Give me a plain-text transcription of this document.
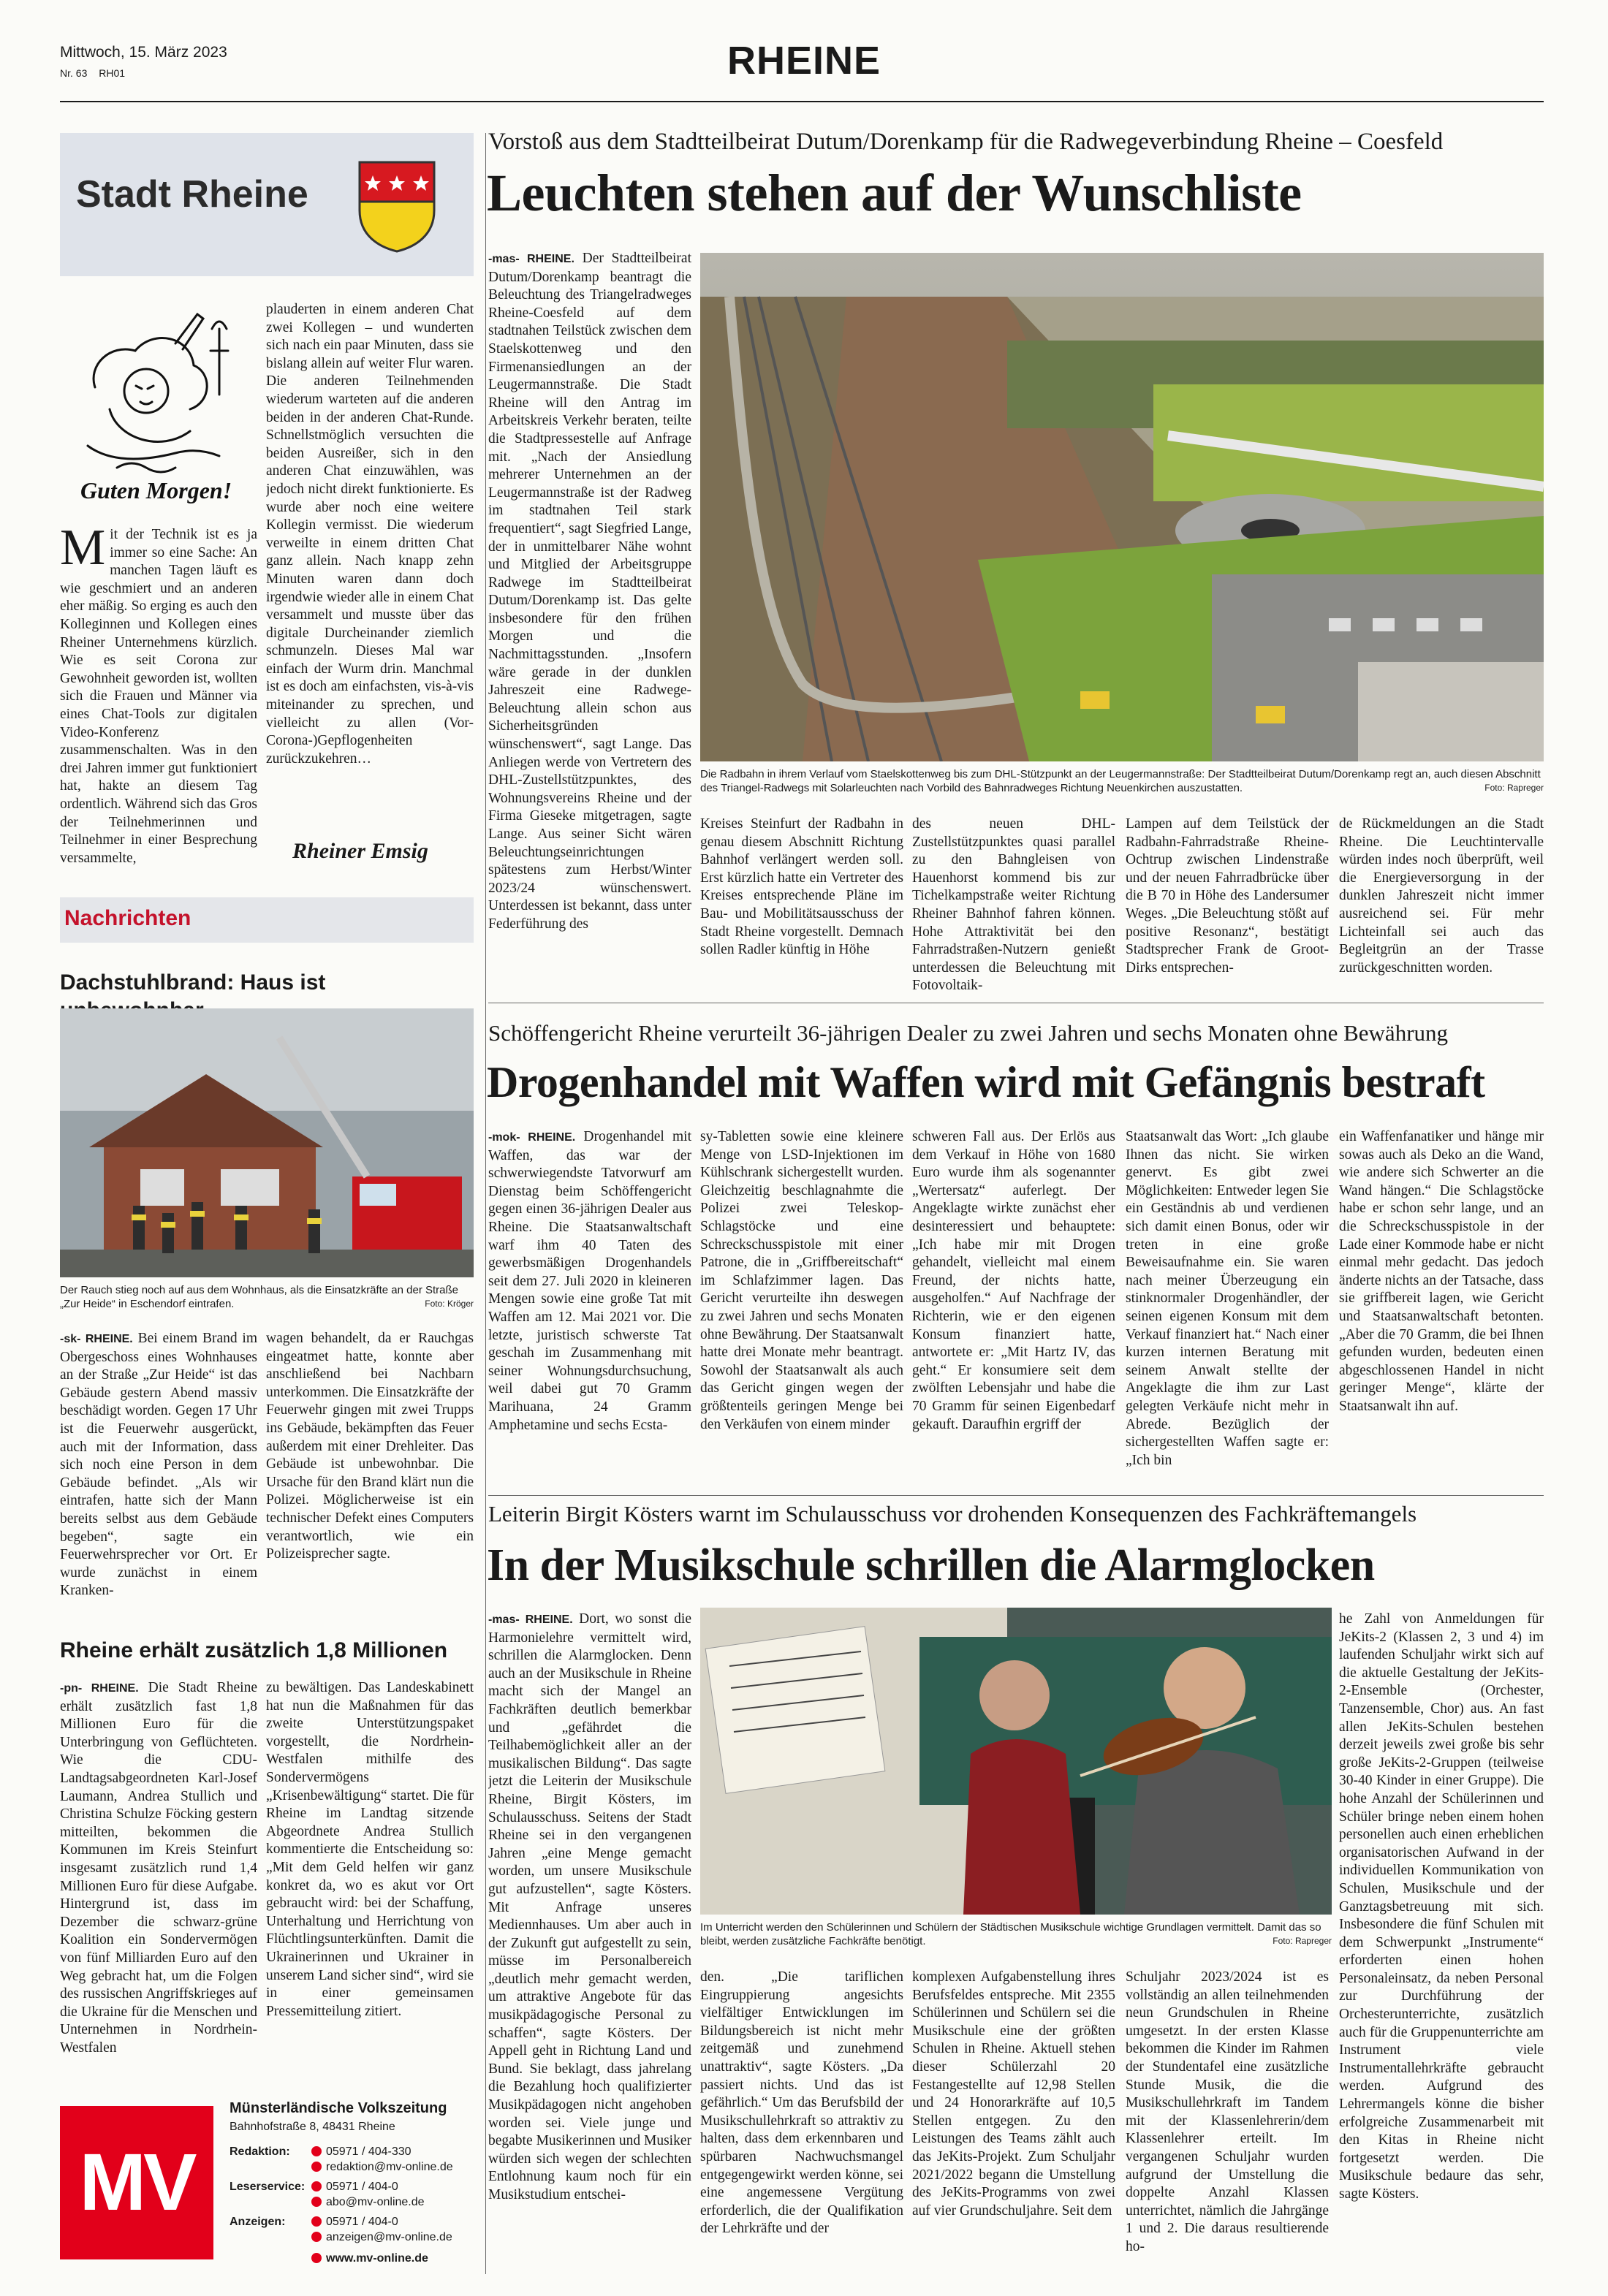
Mittwoch, 15. März 2023
Nr. 63 RH01	RHEINE
Stadt Rheine
Guten Morgen!
Mit der Technik ist es ja immer so eine Sache: An manchen Tagen läuft es wie geschmiert und an anderen eher mäßig. So erging es auch den Kolleginnen und Kollegen eines Rheiner Unternehmens kürzlich. Wie es seit Corona zur Gewohnheit geworden ist, wollten sich die Frauen und Männer via eines Chat-Tools zur digitalen Video-Konferenz zusammenschalten. Was in den drei Jahren immer gut funktioniert hat, hakte an diesem Tag ordentlich. Während sich das Gros der Teilnehmerinnen und Teilnehmer in einer Besprechung versammelte,
plauderten in einem anderen Chat zwei Kollegen – und wunderten sich nach ein paar Minuten, dass sie bislang allein auf weiter Flur waren. Die anderen Teilnehmenden wiederum warteten auf die anderen beiden in der anderen Chat-Runde. Schnellstmöglich versuchten die beiden Ausreißer, sich in den anderen Chat einzuwählen, was jedoch nicht direkt funktionierte. Es wurde aber noch eine weitere Kollegin vermisst. Die wiederum verweilte in einem dritten Chat ganz allein. Nach knapp zehn Minuten waren dann doch irgendwie wieder alle in einem Chat versammelt und musste über das digitale Durcheinander ziemlich schmunzeln. Dieses Mal war einfach der Wurm drin. Manchmal ist es doch am einfachsten, vis-à-vis miteinander zu sprechen, und vielleicht zu allen (Vor-Corona-)Gepflogenheiten zurückzukehren…
Rheiner Emsig
Nachrichten
Dachstuhlbrand: Haus ist
Der Rauch stieg noch auf aus dem Wohnhaus, als die Einsatzkräfte an der Straße „Zur Heide“ in Eschendorf eintrafen.	Foto: Kröger
-sk- RHEINE. Bei einem Brand im Obergeschoss eines Wohnhauses an der Straße „Zur Heide“ ist das Gebäude gestern Abend massiv beschädigt worden. Gegen 17 Uhr ist die Feuerwehr ausgerückt, auch mit der Information, dass sich noch eine Person in dem Gebäude befindet. „Als wir eintrafen, hatte sich der Mann bereits selbst aus dem Gebäude begeben“, sagte ein Feuerwehrsprecher vor Ort. Er wurde zunächst in einem Kranken-
wagen behandelt, da er Rauchgas eingeatmet hatte, konnte aber anschließend bei Nachbarn unterkommen. Die Einsatzkräfte der Feuerwehr gingen mit zwei Trupps ins Gebäude, bekämpften das Feuer außerdem mit einer Drehleiter. Das Gebäude ist unbewohnbar. Die Ursache für den Brand klärt nun die Polizei. Möglicherweise ist ein technischer Defekt eines Computers verantwortlich, wie ein Polizeisprecher sagte.
Rheine erhält zusätzlich 1,8 Millionen
-pn- RHEINE. Die Stadt Rheine erhält zusätzlich fast 1,8 Millionen Euro für die Unterbringung von Geflüchteten. Wie die CDU-Landtagsabgeordneten Karl-Josef Laumann, Andrea Stullich und Christina Schulze Föcking gestern mitteilten, bekommen die Kommunen im Kreis Steinfurt insgesamt zusätzlich rund 1,4 Millionen Euro für diese Aufgabe. Hintergrund ist, dass im Dezember die schwarz-grüne Koalition ein Sondervermögen von fünf Milliarden Euro auf den Weg gebracht hat, um die Folgen des russischen Angriffskrieges auf die Ukraine für die Menschen und Unternehmen in Nordrhein-Westfalen
zu bewältigen. Das Landeskabinett hat nun die Maßnahmen für das zweite Unterstützungspaket vorgestellt, die Nordrhein-Westfalen mithilfe des Sondervermögens „Krisenbewältigung“ startet. Die für Rheine im Landtag sitzende Abgeordnete Andrea Stullich kommentierte die Entscheidung so: „Mit dem Geld helfen wir ganz konkret da, wo es akut vor Ort gebraucht wird: bei der Schaffung, Unterhaltung und Herrichtung von Flüchtlingsunterkünften. Damit die Ukrainerinnen und Ukrainer in unserem Land sicher sind“, wird sie in einer gemeinsamen Pressemitteilung zitiert.
MV
Münsterländische Volkszeitung
Bahnhofstraße 8, 48431 Rheine
Redaktion:	05971 / 404-330
redaktion@mv-online.de
Leserservice: 05971 / 404-0
abo@mv-online.de
Anzeigen:	05971 / 404-0
anzeigen@mv-online.de
www.mv-online.de
Vorstoß aus dem Stadtteilbeirat Dutum/Dorenkamp für die Radwegeverbindung Rheine – Coesfeld
Leuchten stehen auf der Wunschliste
-mas- RHEINE. Der Stadtteilbeirat Dutum/Dorenkamp beantragt die Beleuchtung des Triangelradweges Rheine-Coesfeld auf dem stadtnahen Teilstück zwischen dem Staelskottenweg und den Firmenansiedlungen an der Leugermannstraße. Die Stadt Rheine will den Antrag im Arbeitskreis Verkehr beraten, teilte die Stadtpressestelle auf Anfrage mit. „Nach der Ansiedlung mehrerer Unternehmen an der Leugermannstraße ist der Radweg im stadtnahen Teil stark frequentiert“, sagt Siegfried Lange, der in unmittelbarer Nähe wohnt und Mitglied der Arbeitsgruppe Radwege im Stadtteilbeirat Dutum/Dorenkamp ist. Das gelte insbesondere für den frühen Morgen und die Nachmittagsstunden. „Insofern wäre gerade in der dunklen Jahreszeit eine Radwege-Beleuchtung allein schon aus Sicherheitsgründen wünschenswert“, sagt Lange. Das Anliegen werde von Vertretern des DHL-Zustellstützpunktes, des Wohnungsvereins Rheine und der Firma Gieseke mitgetragen, sagte Lange. Aus seiner Sicht wären Beleuchtungseinrichtungen spätestens zum Herbst/Winter 2023/24 wünschenswert. Unterdessen ist bekannt, dass unter Federführung des
Die Radbahn in ihrem Verlauf vom Staelskottenweg bis zum DHL-Stützpunkt an der Leugermannstraße: Der Stadtteilbeirat Dutum/Dorenkamp regt an, auch diesen Abschnitt des Triangel-Radwegs mit Solarleuchten nach Vorbild des Bahnradweges Richtung Neuenkirchen auszustatten.	Foto: Rapreger
Kreises Steinfurt der Radbahn in genau diesem Abschnitt Richtung Bahnhof verlängert werden soll. Erst kürzlich hatte ein Vertreter des Kreises entsprechende Pläne im Bau- und Mobilitätsausschuss der Stadt Rheine vorgestellt. Demnach sollen Radler künftig in Höhe
des neuen DHL-Zustellstützpunktes quasi parallel zu den Bahngleisen von Hauenhorst kommend bis zur Tichelkampstraße weiter Richtung Rheiner Bahnhof fahren können. Hohe Attraktivität bei den Fahrradstraßen-Nutzern genießt unterdessen die Beleuchtung mit Fotovoltaik-
Lampen auf dem Teilstück der Radbahn-Fahrradstraße Rheine-Ochtrup zwischen Lindenstraße und der neuen Fahrradbrücke über die B 70 in Höhe des Landersumer Weges. „Die Beleuchtung stößt auf positive Resonanz“, bestätigt Stadtsprecher Frank de Groot-Dirks entsprechen-
de Rückmeldungen an die Stadt Rheine. Die Leuchtintervalle würden indes noch überprüft, weil die Energieversorgung in der dunklen Jahreszeit nicht immer ausreichend sei. Für mehr Lichteinfall sei auch das Begleitgrün an der Trasse zurückgeschnitten worden.
Schöffengericht Rheine verurteilt 36-jährigen Dealer zu zwei Jahren und sechs Monaten ohne Bewährung
Drogenhandel mit Waffen wird mit Gefängnis bestraft
-mok- RHEINE. Drogenhandel mit Waffen, das war der schwerwiegendste Tatvorwurf am Dienstag beim Schöffengericht gegen einen 36-jährigen Dealer aus Rheine. Die Staatsanwaltschaft warf ihm 40 Taten des gewerbsmäßigen Drogenhandels seit dem 27. Juli 2020 in kleineren Mengen sowie eine große Tat mit Waffen am 12. Mai 2021 vor. Die letzte, juristisch schwerste Tat geschah im Zusammenhang mit seiner Wohnungsdurchsuchung, weil dabei gut 70 Gramm Marihuana, 24 Gramm Amphetamine und sechs Ecsta-
sy-Tabletten sowie eine kleinere Menge von LSD-Injektionen im Kühlschrank sichergestellt wurden. Gleichzeitig beschlagnahmte die Polizei zwei Teleskop-Schlagstöcke und eine Schreckschusspistole mit einer Patrone, die in „Griffbereitschaft“ im Schlafzimmer lagen. Das Gericht verurteilte ihn deswegen zu zwei Jahren und sechs Monaten ohne Bewährung. Der Staatsanwalt hatte drei Monate mehr beantragt. Sowohl der Staatsanwalt als auch das Gericht gingen wegen der größtenteils geringen Menge bei den Verkäufen von einem minder
schweren Fall aus. Der Erlös aus dem Verkauf in Höhe von 1680 Euro wurde ihm als sogenannter „Wertersatz“ auferlegt. Der Angeklagte wirkte zunächst eher desinteressiert und behauptete: „Ich habe mir mit Drogen gehandelt, vielleicht mal einem Freund, der nichts hatte, ausgeholfen.“ Auf Nachfrage der Richterin, wie er den eigenen Konsum finanziert hatte, antwortete er: „Mit Hartz IV, das geht.“ Er konsumiere seit dem zwölften Lebensjahr und habe die 70 Gramm für seinen Eigenbedarf gekauft. Daraufhin ergriff der
Staatsanwalt das Wort: „Ich glaube Ihnen das nicht. Sie wirken genervt. Es gibt zwei Möglichkeiten: Entweder legen Sie ein Geständnis ab und verdienen sich damit einen Bonus, oder wir treten in eine große Beweisaufnahme ein. Sie waren nach meiner Überzeugung ein stinknormaler Drogenhändler, der seinen eigenen Konsum mit dem Verkauf finanziert hat.“ Nach einer kurzen internen Beratung mit seinem Anwalt stellte der Angeklagte die ihm zur Last gelegten Verkäufe nicht mehr in Abrede. Bezüglich der sichergestellten Waffen sagte er: „Ich bin
ein Waffenfanatiker und hänge mir sowas auch als Deko an die Wand, wie andere sich Schwerter an die Wand hängen.“ Die Schlagstöcke habe er schon sehr lange, und an die Schreckschusspistole in der Lade einer Kommode habe er nicht einmal mehr gedacht. Das jedoch änderte nichts an der Tatsache, dass sie griffbereit lagen, wie Gericht und Staatsanwaltschaft betonten. „Aber die 70 Gramm, die bei Ihnen gefunden wurden, bedeuten einen abgeschlossenen Handel in nicht geringer Menge“, klärte der Staatsanwalt ihn auf.
Leiterin Birgit Kösters warnt im Schulausschuss vor drohenden Konsequenzen des Fachkräftemangels
In der Musikschule schrillen die Alarmglocken
-mas- RHEINE. Dort, wo sonst die Harmonielehre vermittelt wird, schrillen die Alarmglocken. Denn auch an der Musikschule in Rheine macht sich der Mangel an Fachkräften deutlich bemerkbar und „gefährdet die Teilhabemöglichkeit aller an der musikalischen Bildung“. Das sagte jetzt die Leiterin der Musikschule Rheine, Birgit Kösters, im Schulausschuss. Seitens der Stadt Rheine sei in den vergangenen Jahren „eine Menge gemacht worden, um unsere Musikschule gut aufzustellen“, sagte Kösters. Mit Anfrage unseres Mediennhauses. Um aber auch in der Zukunft gut aufgestellt zu sein, müsse im Personalbereich „deutlich mehr gemacht werden, um attraktive Angebote für das musikpädagogische Personal zu schaffen“, sagte Kösters. Der Appell geht in Richtung Land und Bund. Sie beklagt, dass jahrelang die Bezahlung hoch qualifizierter Musikpädagogen nicht angehoben worden sei. Viele junge und begabte Musikerinnen und Musiker würden sich wegen der schlechten Entlohnung kaum noch für ein Musikstudium entschei-
Im Unterricht werden den Schülerinnen und Schülern der Städtischen Musikschule wichtige Grundlagen vermittelt. Damit das so bleibt, werden zusätzliche Fachkräfte benötigt.	Foto: Rapreger
den. „Die tariflichen Eingruppierung angesichts vielfältiger Entwicklungen im Bildungsbereich ist nicht mehr zeitgemäß und zunehmend unattraktiv“, sagte Kösters. „Da passiert nichts. Und das ist gefährlich.“ Um das Berufsbild der Musikschullehrkraft so attraktiv zu halten, dass dem erkennbaren und spürbaren Nachwuchsmangel entgegengewirkt werden könne, sei eine angemessene Vergütung erforderlich, die der Qualifikation der Lehrkräfte und der
komplexen Aufgabenstellung ihres Berufsfeldes entspreche. Mit 2355 Schülerinnen und Schülern sei die Musikschule eine der größten Schulen in Rheine. Aktuell stehen dieser Schülerzahl 20 Festangestellte auf 12,98 Stellen und 24 Honorarkräfte auf 10,5 Stellen entgegen. Zu den Leistungen des Teams zählt auch das JeKits-Projekt. Zum Schuljahr 2021/2022 begann die Umstellung des JeKits-Programms von zwei auf vier Grundschuljahre. Seit dem
Schuljahr 2023/2024 ist es vollständig an allen teilnehmenden neun Grundschulen in Rheine umgesetzt. In der ersten Klasse bekommen die Kinder im Rahmen der Stundentafel eine zusätzliche Stunde Musik, die die Musikschullehrkraft im Tandem mit der Klassenlehrerin/dem Klassenlehrer erteilt. Im vergangenen Schuljahr wurden aufgrund der Umstellung die doppelte Anzahl Klassen unterrichtet, nämlich die Jahrgänge 1 und 2. Die daraus resultierende ho-
he Zahl von Anmeldungen für JeKits-2 (Klassen 2, 3 und 4) im laufenden Schuljahr wirkt sich auf die aktuelle Gestaltung der JeKits-2-Ensemble (Orchester, Tanzensemble, Chor) aus. An fast allen JeKits-Schulen bestehen derzeit jeweils zwei große bis sehr große JeKits-2-Gruppen (teilweise 30-40 Kinder in einer Gruppe). Die hohe Anzahl der Schülerinnen und Schüler bringe neben einem hohen personellen auch einen erheblichen organisatorischen Aufwand in der individuellen Kommunikation von Schulen, Musikschule und der Ganztagsbetreuung mit sich. Insbesondere die fünf Schulen mit dem Schwerpunkt „Instrumente“ erforderten einen hohen Personaleinsatz, da neben Personal zur Durchführung der Orchesterunterrichte, zusätzlich auch für die Gruppenunterrichte am Instrument viele Instrumentallehrkräfte gebraucht werden. Aufgrund des Lehrermangels könne die bisher erfolgreiche Zusammenarbeit mit den Kitas in Rheine nicht fortgesetzt werden. Die Musikschule bedaure das sehr, sagte Kösters.
